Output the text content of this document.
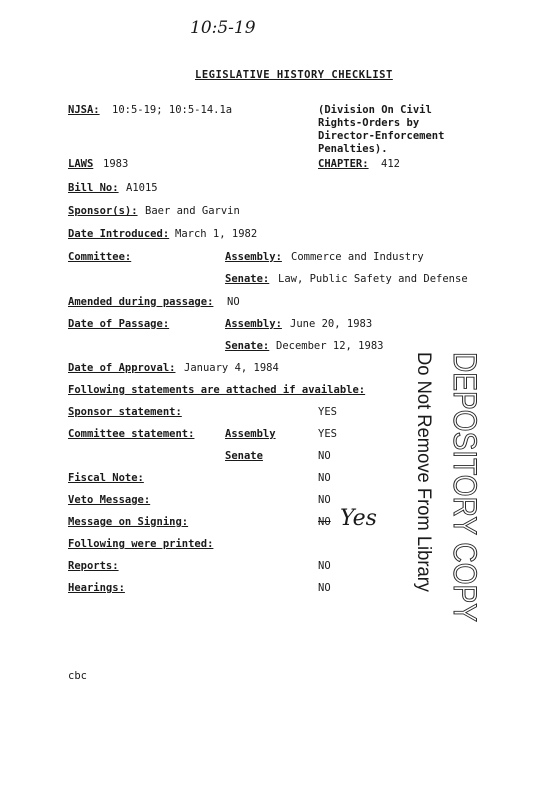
10:5-19
LEGISLATIVE HISTORY CHECKLIST
NJSA: 10:5-19; 10:5-14.1a	(Division On Civil
Rights-Orders by
Director-Enforcement
Penalties).
LAWS 1983	CHAPTER: 412
Bill No: A1015
Sponsor(s): Baer and Garvin
Date Introduced: March 1, 1982
Committee:	Assembly: Commerce and Industry
Senate: Law, Public Safety and Defense
Amended during passage: NO
Date of Passage:	Assembly: June 20, 1983
Senate: December 12, 1983
Date of Approval: January 4, 1984
Following statements are attached if available:
Sponsor statement:	YES
Committee statement:	Assembly	YES
Senate	NO
Fiscal Note:	NO
Veto Message:	NO
Message on Signing:	NO Yes
Following were printed:
Reports:	NO
Hearings:	NO
cbc
DEPOSITORY COPY
Do Not Remove From Library
